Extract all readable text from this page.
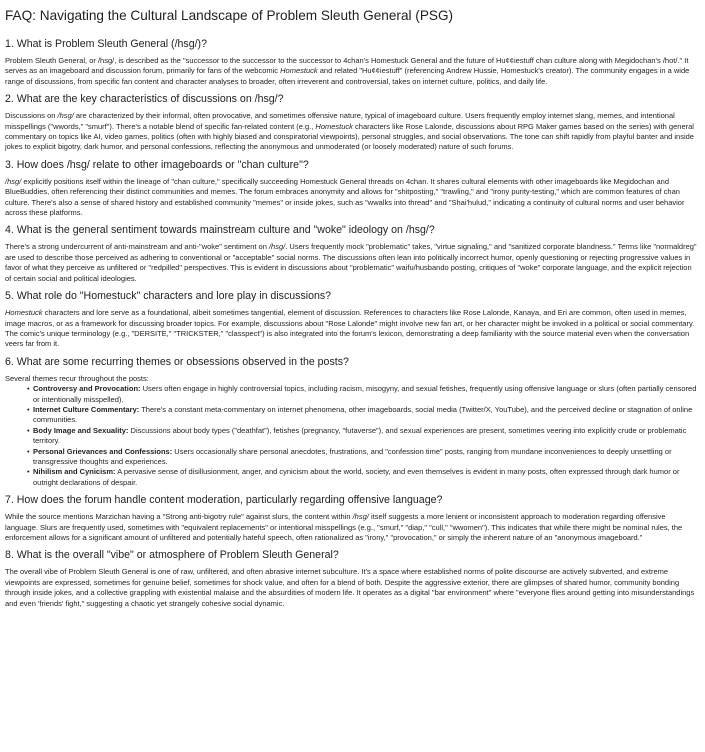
FAQ: Navigating the Cultural Landscape of Problem Sleuth General (PSG)
1. What is Problem Sleuth General (/hsg/)?

Problem Sleuth General, or /hsg/, is described as the "successor to the successor to the successor to 4chan's Homestuck General and the future of Hu¢¢iestuff chan culture along with Megidochan's /hot/." It serves as an imageboard and discussion forum, primarily for fans of the webcomic Homestuck and related "Hu¢¢iestuff" (referencing Andrew Hussie, Homestuck's creator). The community engages in a wide range of discussions, from specific fan content and character analyses to broader, often irreverent and controversial, takes on internet culture, politics, and daily life.

2. What are the key characteristics of discussions on /hsg/?

Discussions on /hsg/ are characterized by their informal, often provocative, and sometimes offensive nature, typical of imageboard culture. Users frequently employ internet slang, memes, and intentional misspellings ("wwords," "smurf"). There's a notable blend of specific fan-related content (e.g., Homestuck characters like Rose Lalonde, discussions about RPG Maker games based on the series) with general commentary on topics like AI, video games, politics (often with highly biased and conspiratorial viewpoints), personal struggles, and social observations. The tone can shift rapidly from playful banter and inside jokes to explicit bigotry, dark humor, and personal confessions, reflecting the anonymous and unmoderated (or loosely moderated) nature of such forums.

3. How does /hsg/ relate to other imageboards or "chan culture"?

/hsg/ explicitly positions itself within the lineage of "chan culture," specifically succeeding Homestuck General threads on 4chan. It shares cultural elements with other imageboards like Megidochan and BlueBuddies, often referencing their distinct communities and memes. The forum embraces anonymity and allows for "shitposting," "trawling," and "irony purity-testing," which are common features of chan culture. There's also a sense of shared history and established community "memes" or inside jokes, such as "wwalks into thread" and "Shai'hulud," indicating a continuity of cultural norms and user behavior across these platforms.

4. What is the general sentiment towards mainstream culture and "woke" ideology on /hsg/?

There's a strong undercurrent of anti-mainstream and anti-"woke" sentiment on /hsg/. Users frequently mock "problematic" takes, "virtue signaling," and "sanitized corporate blandness." Terms like "normaldreg" are used to describe those perceived as adhering to conventional or "acceptable" social norms. The discussions often lean into politically incorrect humor, openly questioning or rejecting progressive values in favor of what they perceive as unfiltered or "redpilled" perspectives. This is evident in discussions about "problematic" waifu/husbando posting, critiques of "woke" corporate language, and the explicit rejection of certain social and political ideologies.

5. What role do "Homestuck" characters and lore play in discussions?

Homestuck characters and lore serve as a foundational, albeit sometimes tangential, element of discussion. References to characters like Rose Lalonde, Kanaya, and Eri are common, often used in memes, image macros, or as a framework for discussing broader topics. For example, discussions about "Rose Lalonde" might involve new fan art, or her character might be invoked in a political or social commentary. The comic's unique terminology (e.g., "DERSITE," "TRICKSTER," "classpect") is also integrated into the forum's lexicon, demonstrating a deep familiarity with the source material even when the conversation veers far from it.

6. What are some recurring themes or obsessions observed in the posts?
Several themes recur throughout the posts:
• Controversy and Provocation: Users often engage in highly controversial topics, including racism, misogyny, and sexual fetishes, frequently using offensive language or slurs (often partially censored or intentionally misspelled).
• Internet Culture Commentary: There's a constant meta-commentary on internet phenomena, other imageboards, social media (Twitter/X, YouTube), and the perceived decline or stagnation of online communities.
• Body Image and Sexuality: Discussions about body types ("deathfat"), fetishes (pregnancy, "futaverse"), and sexual experiences are present, sometimes veering into explicitly crude or problematic territory.
• Personal Grievances and Confessions: Users occasionally share personal anecdotes, frustrations, and "confession time" posts, ranging from mundane inconveniences to deeply unsettling or transgressive thoughts and experiences.
• Nihilism and Cynicism: A pervasive sense of disillusionment, anger, and cynicism about the world, society, and even themselves is evident in many posts, often expressed through dark humor or outright declarations of despair.
7. How does the forum handle content moderation, particularly regarding offensive language?

While the source mentions Marzichan having a "Strong anti-bigotry rule" against slurs, the content within /hsg/ itself suggests a more lenient or inconsistent approach to moderation regarding offensive language. Slurs are frequently used, sometimes with "equivalent replacements" or intentional misspellings (e.g., "smurf," "diap," "cull," "wwomen"). This indicates that while there might be nominal rules, the enforcement allows for a significant amount of unfiltered and potentially hateful speech, often rationalized as "irony," "provocation," or simply the inherent nature of an "anonymous imageboard."

8. What is the overall "vibe" or atmosphere of Problem Sleuth General?

The overall vibe of Problem Sleuth General is one of raw, unfiltered, and often abrasive internet subculture. It's a space where established norms of polite discourse are actively subverted, and extreme viewpoints are expressed, sometimes for genuine belief, sometimes for shock value, and often for a blend of both. Despite the aggressive exterior, there are glimpses of shared humor, community bonding through inside jokes, and a collective grappling with existential malaise and the absurdities of modern life. It operates as a digital "bar environment" where "everyone flies around getting into misunderstandings and even 'friends' fight," suggesting a chaotic yet strangely cohesive social dynamic.
